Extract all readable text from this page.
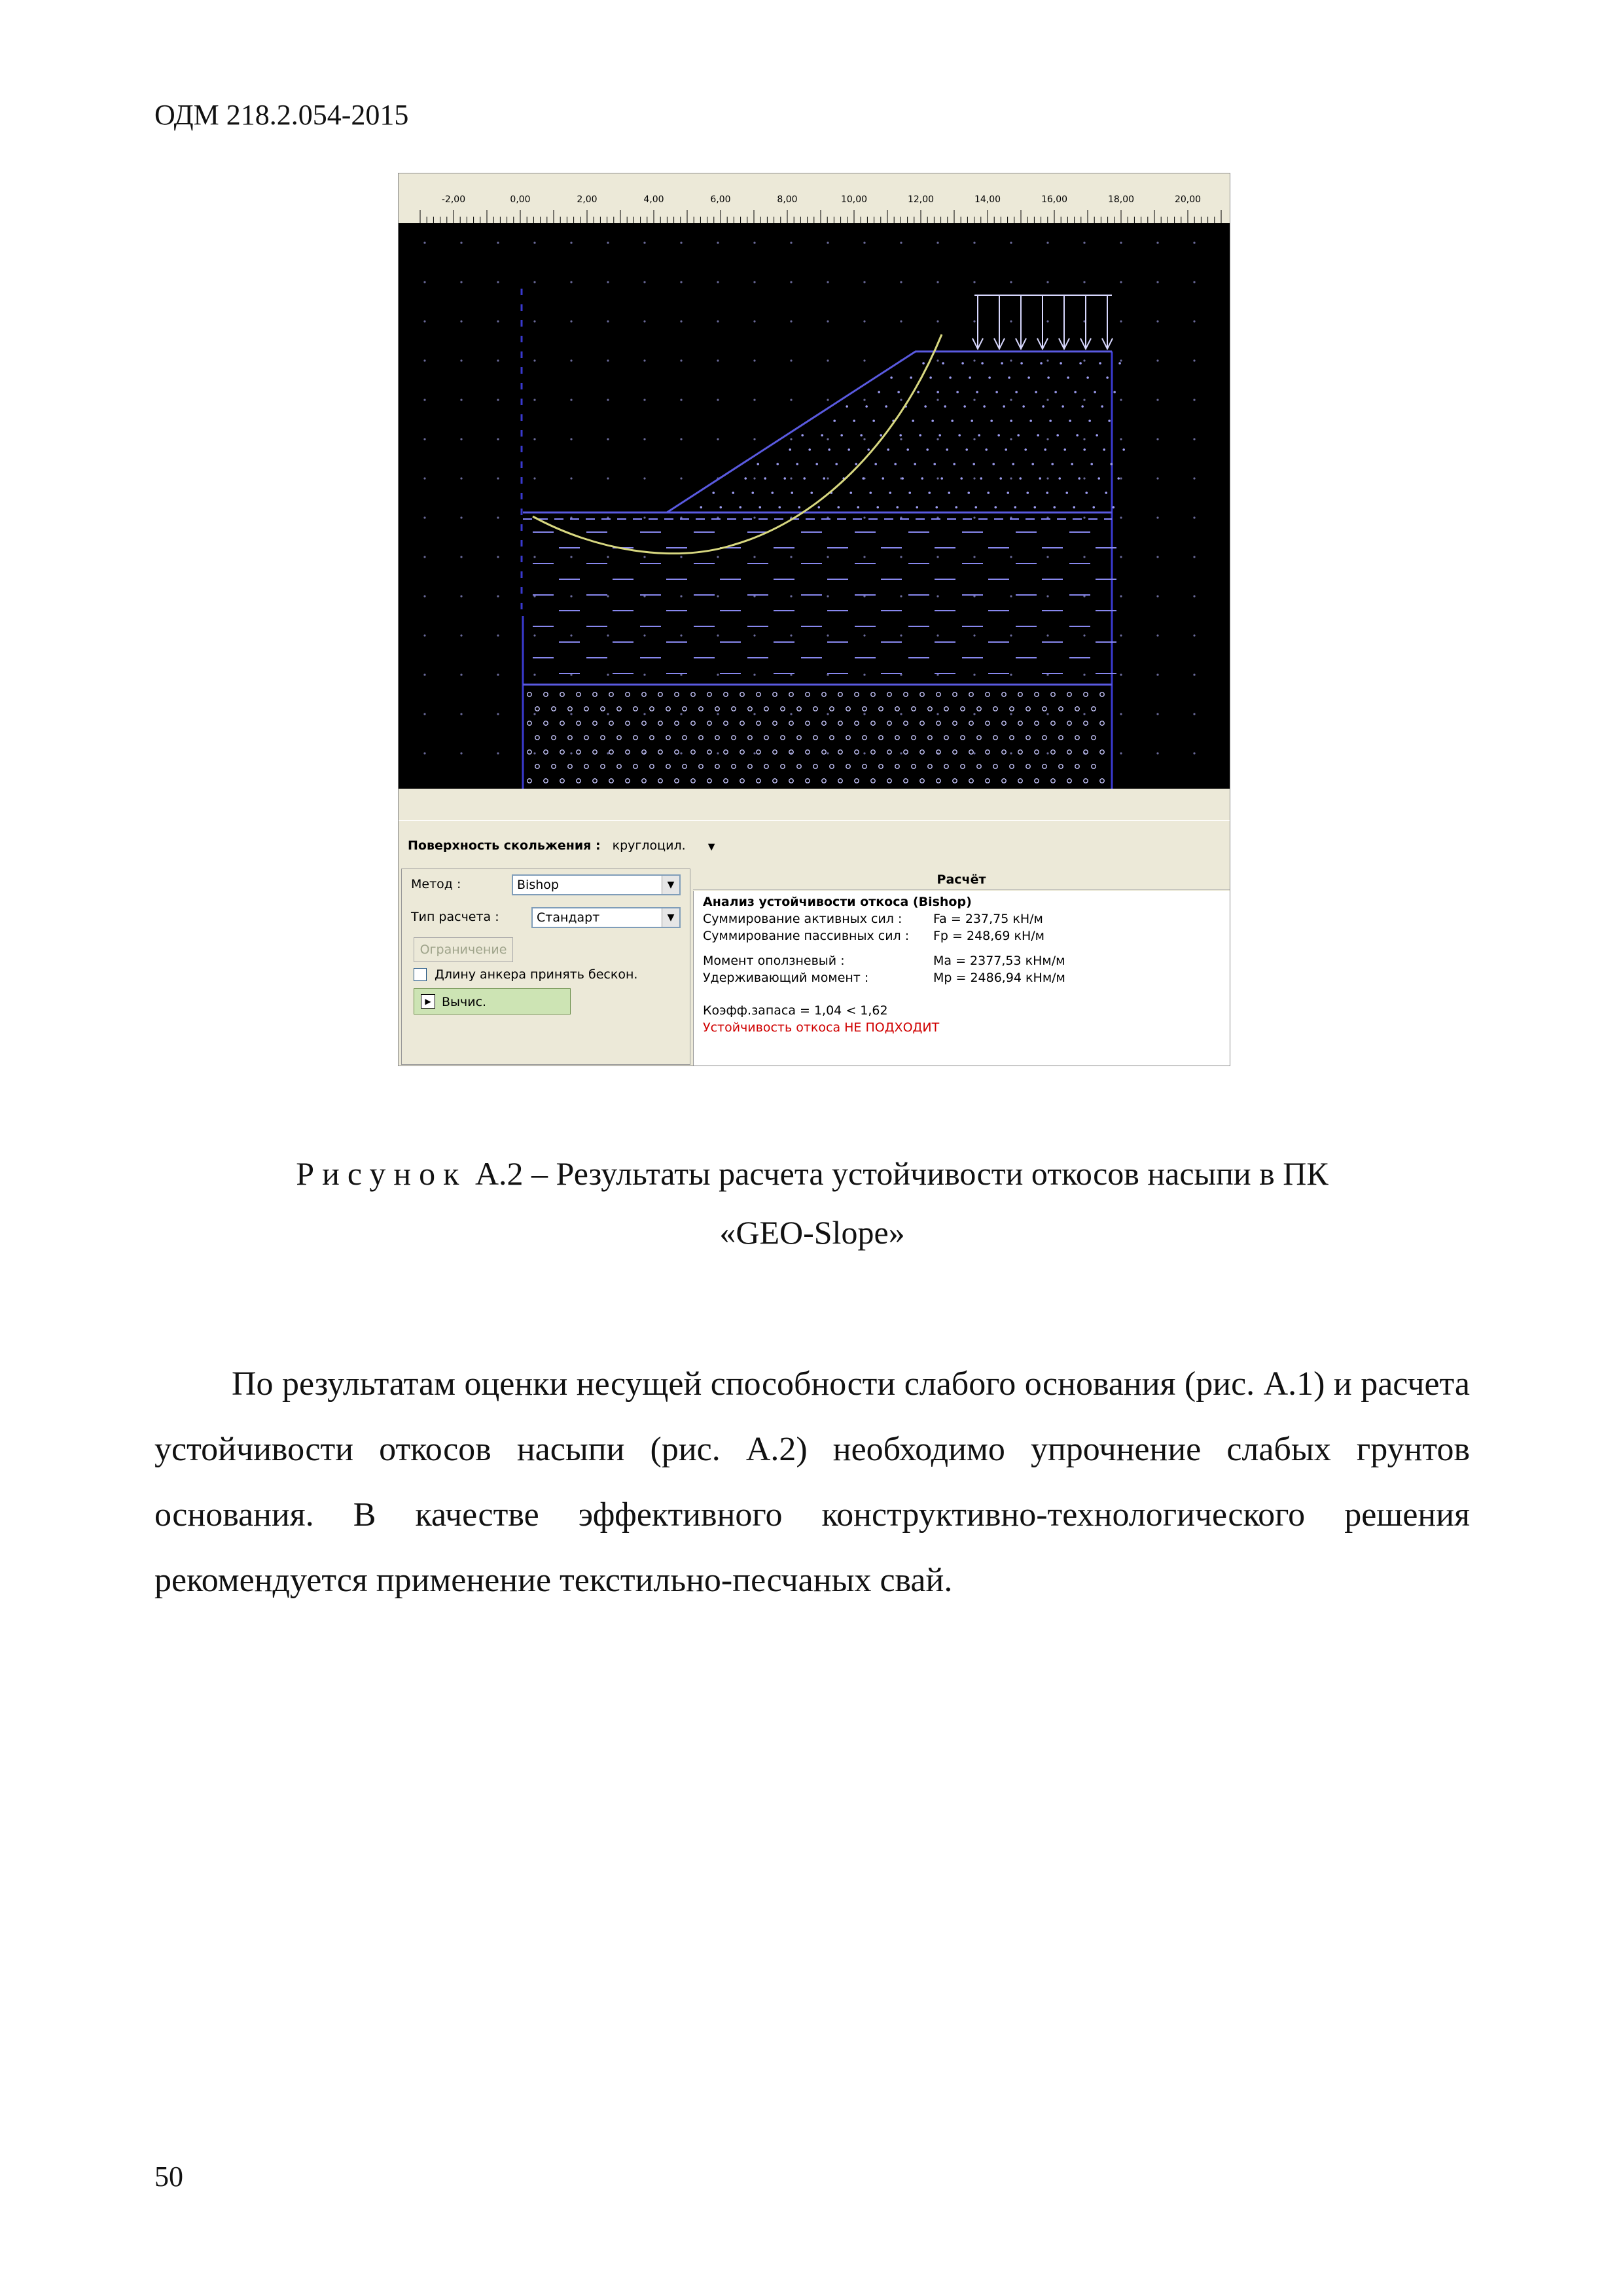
ОДМ 218.2.054-2015
-2,00	0,00	2,00	4,00	6,00	8,00	10,00	12,00	14,00	16,00	18,00	20,00
Поверхность скольжения : круглоцил. ▼
Метод :	Bishop	▼
Тип расчета :	Стандарт	▼
Ограничение
Длину анкера принять бескон.
▶ Вычис.
Расчёт
Анализ устойчивости откоса (Bishop)
Суммирование активных сил :	Fa = 237,75 кН/м
Суммирование пассивных сил : Fp = 248,69 кН/м
Момент оползневый :	Ma = 2377,53 кНм/м
Удерживающий момент :	Mp = 2486,94 кНм/м
Коэфф.запаса = 1,04 < 1,62
Устойчивость откоса НЕ ПОДХОДИТ
Рисунок А.2 – Результаты расчета устойчивости откосов насыпи в ПК
«GEO-Slope»
По результатам оценки несущей способности слабого основания (рис. А.1) и расчета устойчивости откосов насыпи (рис. А.2) необходимо упрочнение слабых грунтов основания. В качестве эффективного конструктивно-технологического решения рекомендуется применение текстильно-песчаных свай.
50
